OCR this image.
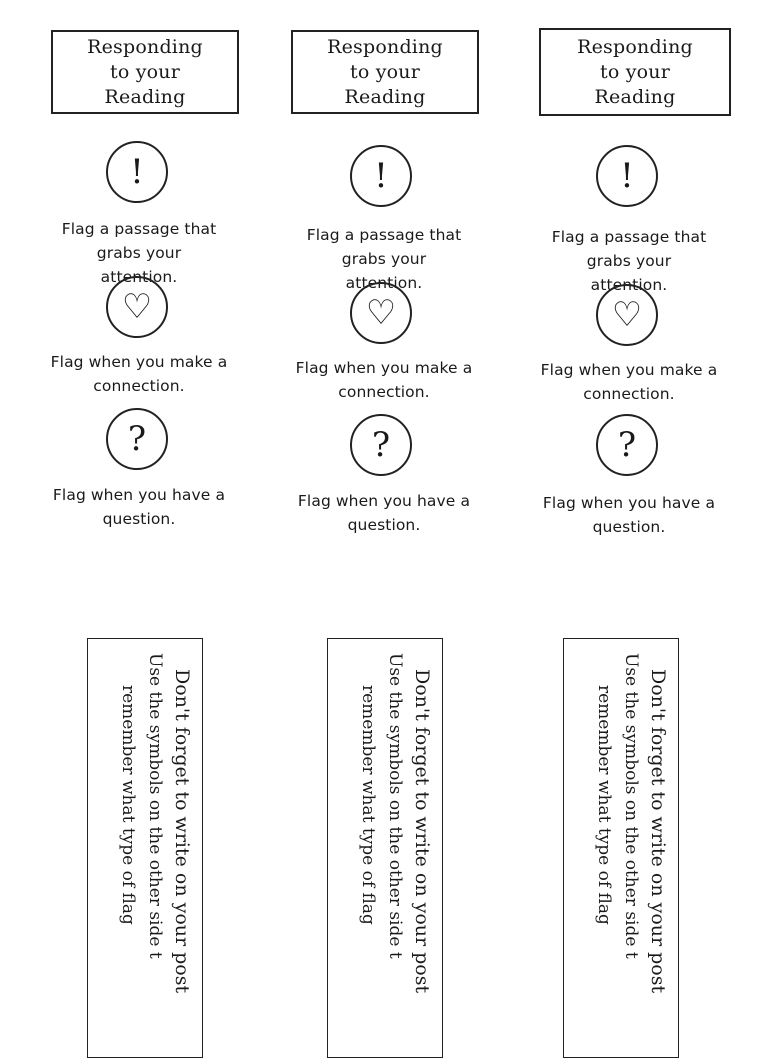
Responding
to your
Reading
!
Flag a passage that grabs your attention.
♡
Flag when you make a connection.
?
Flag when you have a question.
Responding
to your
Reading
!
Flag a passage that grabs your attention.
♡
Flag when you make a connection.
?
Flag when you have a question.
Responding
to your
Reading
!
Flag a passage that grabs your attention.
♡
Flag when you make a connection.
?
Flag when you have a question.
Don't forget to write on your post
Use the symbols on the other side t
remember what type of flag	Don't forget to write on your post
Use the symbols on the other side t
remember what type of flag	Don't forget to write on your post
Use the symbols on the other side t
remember what type of flag
